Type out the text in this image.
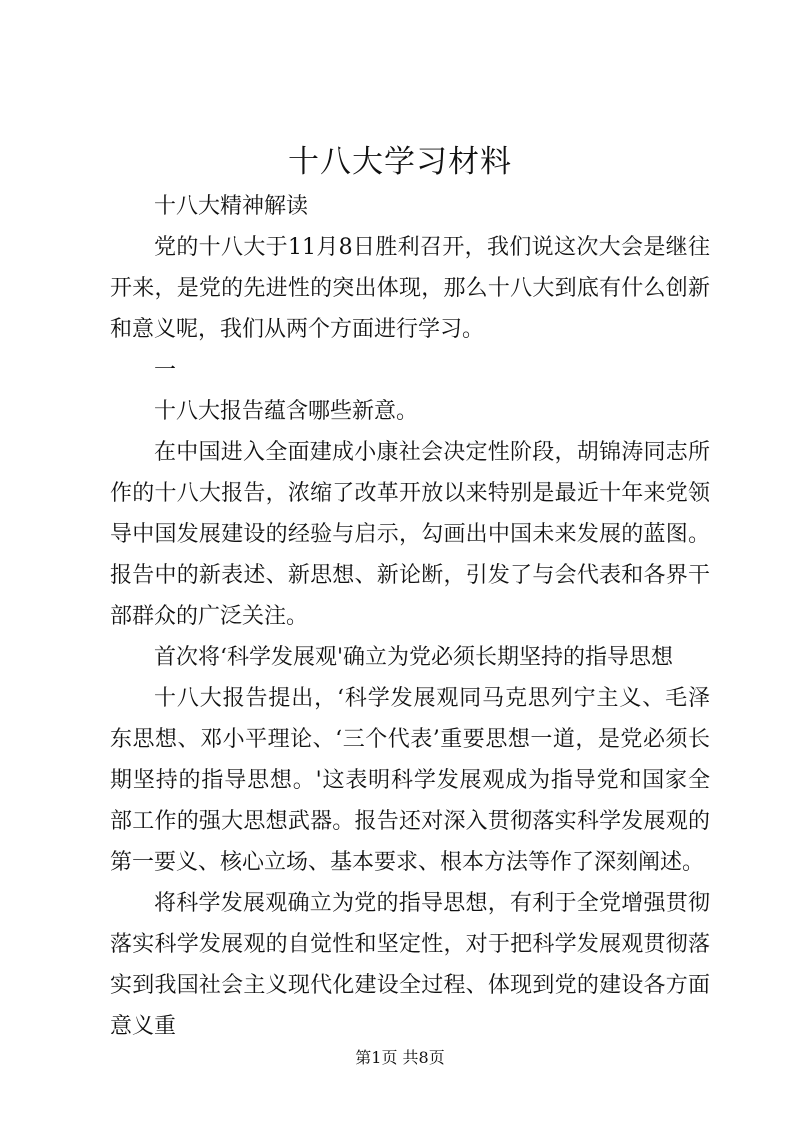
十八大学习材料

十八大精神解读

党的十八大于11月8日胜利召开，我们说这次大会是继往开来，是党的先进性的突出体现，那么十八大到底有什么创新和意义呢，我们从两个方面进行学习。

一

十八大报告蕴含哪些新意。

在中国进入全面建成小康社会决定性阶段，胡锦涛同志所作的十八大报告，浓缩了改革开放以来特别是最近十年来党领导中国发展建设的经验与启示，勾画出中国未来发展的蓝图。报告中的新表述、新思想、新论断，引发了与会代表和各界干部群众的广泛关注。

首次将‘科学发展观'确立为党必须长期坚持的指导思想

十八大报告提出，‘科学发展观同马克思列宁主义、毛泽东思想、邓小平理论、‘三个代表’重要思想一道，是党必须长期坚持的指导思想。'这表明科学发展观成为指导党和国家全部工作的强大思想武器。报告还对深入贯彻落实科学发展观的第一要义、核心立场、基本要求、根本方法等作了深刻阐述。

将科学发展观确立为党的指导思想，有利于全党增强贯彻落实科学发展观的自觉性和坚定性，对于把科学发展观贯彻落实到我国社会主义现代化建设全过程、体现到党的建设各方面意义重

第1页 共8页
